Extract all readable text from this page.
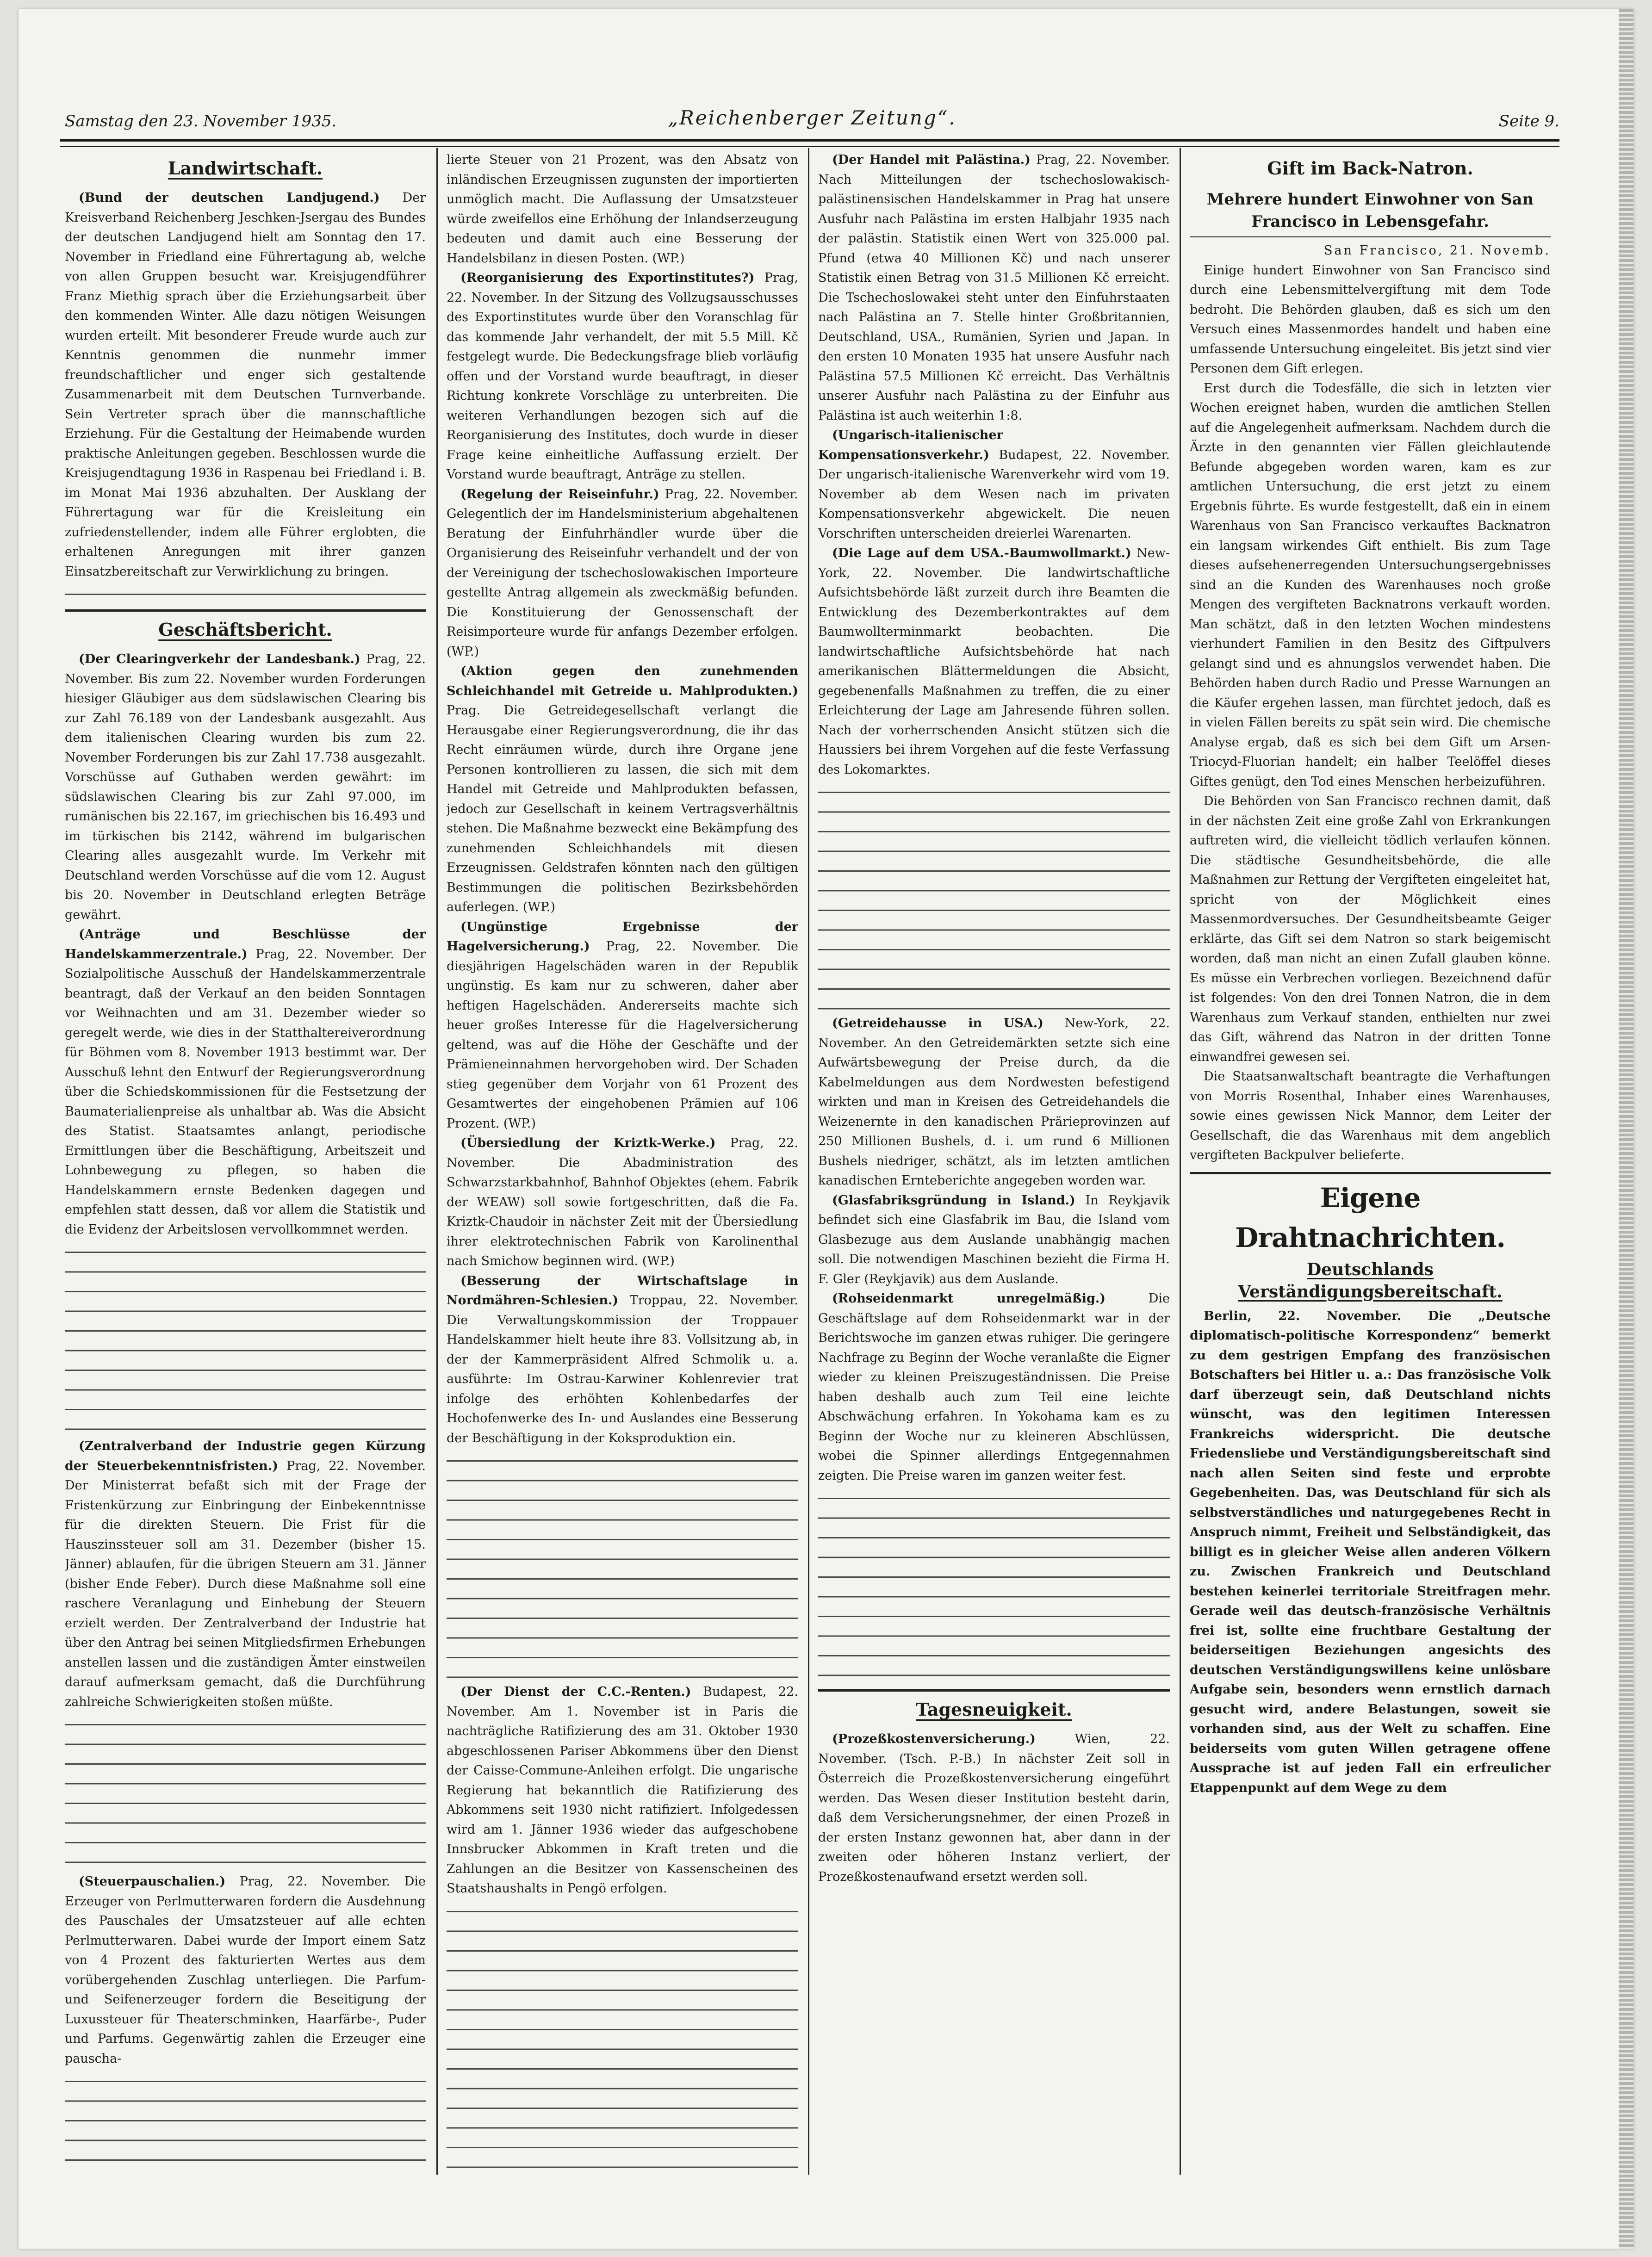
Samstag den 23. November 1935.	„Reichenberger Zeitung“.	Seite 9.
Landwirtschaft.

(Bund der deutschen Landjugend.) Der Kreisverband Reichenberg Jeschken-Jsergau des Bundes der deutschen Landjugend hielt am Sonntag den 17. November in Friedland eine Führertagung ab, welche von allen Gruppen besucht war. Kreisjugendführer Franz Miethig sprach über die Erziehungsarbeit über den kommenden Winter. Alle dazu nötigen Weisungen wurden erteilt. Mit besonderer Freude wurde auch zur Kenntnis genommen die nunmehr immer freundschaftlicher und enger sich gestaltende Zusammenarbeit mit dem Deutschen Turnverbande. Sein Vertreter sprach über die mannschaftliche Erziehung. Für die Gestaltung der Heimabende wurden praktische Anleitungen gegeben. Beschlossen wurde die Kreisjugendtagung 1936 in Raspenau bei Friedland i. B. im Monat Mai 1936 abzuhalten. Der Ausklang der Führertagung war für die Kreisleitung ein zufriedenstellender, indem alle Führer erglobten, die erhaltenen Anregungen mit ihrer ganzen Einsatzbereitschaft zur Verwirklichung zu bringen.

Geschäftsbericht.

(Der Clearingverkehr der Landesbank.) Prag, 22. November. Bis zum 22. November wurden Forderungen hiesiger Gläubiger aus dem südslawischen Clearing bis zur Zahl 76.189 von der Landesbank ausgezahlt. Aus dem italienischen Clearing wurden bis zum 22. November Forderungen bis zur Zahl 17.738 ausgezahlt. Vorschüsse auf Guthaben werden gewährt: im südslawischen Clearing bis zur Zahl 97.000, im rumänischen bis 22.167, im griechischen bis 16.493 und im türkischen bis 2142, während im bulgarischen Clearing alles ausgezahlt wurde. Im Verkehr mit Deutschland werden Vorschüsse auf die vom 12. August bis 20. November in Deutschland erlegten Beträge gewährt.

(Anträge und Beschlüsse der Handelskammerzentrale.) Prag, 22. November. Der Sozialpolitische Ausschuß der Handelskammerzentrale beantragt, daß der Verkauf an den beiden Sonntagen vor Weihnachten und am 31. Dezember wieder so geregelt werde, wie dies in der Statthaltereiverordnung für Böhmen vom 8. November 1913 bestimmt war. Der Ausschuß lehnt den Entwurf der Regierungsverordnung über die Schiedskommissionen für die Festsetzung der Baumaterialienpreise als unhaltbar ab. Was die Absicht des Statist. Staatsamtes anlangt, periodische Ermittlungen über die Beschäftigung, Arbeitszeit und Lohnbewegung zu pflegen, so haben die Handelskammern ernste Bedenken dagegen und empfehlen statt dessen, daß vor allem die Statistik und die Evidenz der Arbeitslosen vervollkommnet werden.

(Zentralverband der Industrie gegen Kürzung der Steuerbekenntnisfristen.) Prag, 22. November. Der Ministerrat befaßt sich mit der Frage der Fristenkürzung zur Einbringung der Einbekenntnisse für die direkten Steuern. Die Frist für die Hauszinssteuer soll am 31. Dezember (bisher 15. Jänner) ablaufen, für die übrigen Steuern am 31. Jänner (bisher Ende Feber). Durch diese Maßnahme soll eine raschere Veranlagung und Einhebung der Steuern erzielt werden. Der Zentralverband der Industrie hat über den Antrag bei seinen Mitgliedsfirmen Erhebungen anstellen lassen und die zuständigen Ämter einstweilen darauf aufmerksam gemacht, daß die Durchführung zahlreiche Schwierigkeiten stoßen müßte.

(Steuerpauschalien.) Prag, 22. November. Die Erzeuger von Perlmutterwaren fordern die Ausdehnung des Pauschales der Umsatzsteuer auf alle echten Perlmutterwaren. Dabei wurde der Import einem Satz von 4 Prozent des fakturierten Wertes aus dem vorübergehenden Zuschlag unterliegen. Die Parfum- und Seifenerzeuger fordern die Beseitigung der Luxussteuer für Theaterschminken, Haarfärbe-, Puder und Parfums. Gegenwärtig zahlen die Erzeuger eine pauscha-

lierte Steuer von 21 Prozent, was den Absatz von inländischen Erzeugnissen zugunsten der importierten unmöglich macht. Die Auflassung der Umsatzsteuer würde zweifellos eine Erhöhung der Inlandserzeugung bedeuten und damit auch eine Besserung der Handelsbilanz in diesen Posten. (WP.)

(Reorganisierung des Exportinstitutes?) Prag, 22. November. In der Sitzung des Vollzugsausschusses des Exportinstitutes wurde über den Voranschlag für das kommende Jahr verhandelt, der mit 5.5 Mill. Kč festgelegt wurde. Die Bedeckungsfrage blieb vorläufig offen und der Vorstand wurde beauftragt, in dieser Richtung konkrete Vorschläge zu unterbreiten. Die weiteren Verhandlungen bezogen sich auf die Reorganisierung des Institutes, doch wurde in dieser Frage keine einheitliche Auffassung erzielt. Der Vorstand wurde beauftragt, Anträge zu stellen.

(Regelung der Reiseinfuhr.) Prag, 22. November. Gelegentlich der im Handelsministerium abgehaltenen Beratung der Einfuhrhändler wurde über die Organisierung des Reiseinfuhr verhandelt und der von der Vereinigung der tschechoslowakischen Importeure gestellte Antrag allgemein als zweckmäßig befunden. Die Konstituierung der Genossenschaft der Reisimporteure wurde für anfangs Dezember erfolgen. (WP.)

(Aktion gegen den zunehmenden Schleichhandel mit Getreide u. Mahlprodukten.) Prag. Die Getreidegesellschaft verlangt die Herausgabe einer Regierungsverordnung, die ihr das Recht einräumen würde, durch ihre Organe jene Personen kontrollieren zu lassen, die sich mit dem Handel mit Getreide und Mahlprodukten befassen, jedoch zur Gesellschaft in keinem Vertragsverhältnis stehen. Die Maßnahme bezweckt eine Bekämpfung des zunehmenden Schleichhandels mit diesen Erzeugnissen. Geldstrafen könnten nach den gültigen Bestimmungen die politischen Bezirksbehörden auferlegen. (WP.)

(Ungünstige Ergebnisse der Hagelversicherung.) Prag, 22. November. Die diesjährigen Hagelschäden waren in der Republik ungünstig. Es kam nur zu schweren, daher aber heftigen Hagelschäden. Andererseits machte sich heuer großes Interesse für die Hagelversicherung geltend, was auf die Höhe der Geschäfte und der Prämieneinnahmen hervorgehoben wird. Der Schaden stieg gegenüber dem Vorjahr von 61 Prozent des Gesamtwertes der eingehobenen Prämien auf 106 Prozent. (WP.)

(Übersiedlung der Kriztk-Werke.) Prag, 22. November. Die Abadministration des Schwarzstarkbahnhof, Bahnhof Objektes (ehem. Fabrik der WEAW) soll sowie fortgeschritten, daß die Fa. Kriztk-Chaudoir in nächster Zeit mit der Übersiedlung ihrer elektrotechnischen Fabrik von Karolinenthal nach Smichow beginnen wird. (WP.)

(Besserung der Wirtschaftslage in Nordmähren-Schlesien.) Troppau, 22. November. Die Verwaltungskommission der Troppauer Handelskammer hielt heute ihre 83. Vollsitzung ab, in der der Kammerpräsident Alfred Schmolik u. a. ausführte: Im Ostrau-Karwiner Kohlenrevier trat infolge des erhöhten Kohlenbedarfes der Hochofenwerke des In- und Auslandes eine Besserung der Beschäftigung in der Koksproduktion ein.

(Der Dienst der C.C.-Renten.) Budapest, 22. November. Am 1. November ist in Paris die nachträgliche Ratifizierung des am 31. Oktober 1930 abgeschlossenen Pariser Abkommens über den Dienst der Caisse-Commune-Anleihen erfolgt. Die ungarische Regierung hat bekanntlich die Ratifizierung des Abkommens seit 1930 nicht ratifiziert. Infolgedessen wird am 1. Jänner 1936 wieder das aufgeschobene Innsbrucker Abkommen in Kraft treten und die Zahlungen an die Besitzer von Kassenscheinen des Staatshaushalts in Pengö erfolgen.

(Der Handel mit Palästina.) Prag, 22. November. Nach Mitteilungen der tschechoslowakisch-palästinensischen Handelskammer in Prag hat unsere Ausfuhr nach Palästina im ersten Halbjahr 1935 nach der palästin. Statistik einen Wert von 325.000 pal. Pfund (etwa 40 Millionen Kč) und nach unserer Statistik einen Betrag von 31.5 Millionen Kč erreicht. Die Tschechoslowakei steht unter den Einfuhrstaaten nach Palästina an 7. Stelle hinter Großbritannien, Deutschland, USA., Rumänien, Syrien und Japan. In den ersten 10 Monaten 1935 hat unsere Ausfuhr nach Palästina 57.5 Millionen Kč erreicht. Das Verhältnis unserer Ausfuhr nach Palästina zu der Einfuhr aus Palästina ist auch weiterhin 1:8.

(Ungarisch-italienischer Kompensationsverkehr.) Budapest, 22. November. Der ungarisch-italienische Warenverkehr wird vom 19. November ab dem Wesen nach im privaten Kompensationsverkehr abgewickelt. Die neuen Vorschriften unterscheiden dreierlei Warenarten.

(Die Lage auf dem USA.-Baumwollmarkt.) New-York, 22. November. Die landwirtschaftliche Aufsichtsbehörde läßt zurzeit durch ihre Beamten die Entwicklung des Dezemberkontraktes auf dem Baumwollterminmarkt beobachten. Die landwirtschaftliche Aufsichtsbehörde hat nach amerikanischen Blättermeldungen die Absicht, gegebenenfalls Maßnahmen zu treffen, die zu einer Erleichterung der Lage am Jahresende führen sollen. Nach der vorherrschenden Ansicht stützen sich die Haussiers bei ihrem Vorgehen auf die feste Verfassung des Lokomarktes.

(Getreidehausse in USA.) New-York, 22. November. An den Getreidemärkten setzte sich eine Aufwärtsbewegung der Preise durch, da die Kabelmeldungen aus dem Nordwesten befestigend wirkten und man in Kreisen des Getreidehandels die Weizenernte in den kanadischen Prärieprovinzen auf 250 Millionen Bushels, d. i. um rund 6 Millionen Bushels niedriger, schätzt, als im letzten amtlichen kanadischen Ernteberichte angegeben worden war.

(Glasfabriksgründung in Island.) In Reykjavik befindet sich eine Glasfabrik im Bau, die Island vom Glasbezuge aus dem Auslande unabhängig machen soll. Die notwendigen Maschinen bezieht die Firma H. F. Gler (Reykjavik) aus dem Auslande.

(Rohseidenmarkt unregelmäßig.)	Die Geschäftslage auf dem Rohseidenmarkt war in der Berichtswoche im ganzen etwas ruhiger. Die geringere Nachfrage zu Beginn der Woche veranlaßte die Eigner wieder zu kleinen Preiszugeständnissen. Die Preise haben deshalb auch zum Teil eine leichte Abschwächung erfahren. In Yokohama kam es zu Beginn der Woche nur zu kleineren Abschlüssen, wobei die Spinner allerdings Entgegennahmen zeigten. Die Preise waren im ganzen weiter fest.

Tagesneuigkeit.

(Prozeßkostenversicherung.)	Wien, 22. November. (Tsch. P.-B.) In nächster Zeit soll in Österreich die Prozeßkostenversicherung eingeführt werden. Das Wesen dieser Institution besteht darin, daß dem Versicherungsnehmer, der einen Prozeß in der ersten Instanz gewonnen hat, aber dann in der zweiten oder höheren Instanz verliert, der Prozeßkostenaufwand ersetzt werden soll.

Gift im Back-Natron.
Mehrere hundert Einwohner von San Francisco in Lebensgefahr.

San Francisco, 21. Novemb.

Einige hundert Einwohner von San Francisco sind durch eine Lebensmittelvergiftung mit dem Tode bedroht. Die Behörden glauben, daß es sich um den Versuch eines Massenmordes handelt und haben eine umfassende Untersuchung eingeleitet. Bis jetzt sind vier Personen dem Gift erlegen.

Erst durch die Todesfälle, die sich in letzten vier Wochen ereignet haben, wurden die amtlichen Stellen auf die Angelegenheit aufmerksam. Nachdem durch die Ärzte in den genannten vier Fällen gleichlautende Befunde abgegeben worden waren, kam es zur amtlichen Untersuchung, die erst jetzt zu einem Ergebnis führte. Es wurde festgestellt, daß ein in einem Warenhaus von San Francisco verkauftes Backnatron ein langsam wirkendes Gift enthielt. Bis zum Tage dieses aufsehenerregenden Untersuchungsergebnisses sind an die Kunden des Warenhauses noch große Mengen des vergifteten Backnatrons verkauft worden. Man schätzt, daß in den letzten Wochen mindestens vierhundert Familien in den Besitz des Giftpulvers gelangt sind und es ahnungslos verwendet haben. Die Behörden haben durch Radio und Presse Warnungen an die Käufer ergehen lassen, man fürchtet jedoch, daß es in vielen Fällen bereits zu spät sein wird. Die chemische Analyse ergab, daß es sich bei dem Gift um Arsen-Triocyd-Fluorian handelt; ein halber Teelöffel dieses Giftes genügt, den Tod eines Menschen herbeizuführen.

Die Behörden von San Francisco rechnen damit, daß in der nächsten Zeit eine große Zahl von Erkrankungen auftreten wird, die vielleicht tödlich verlaufen können. Die städtische Gesundheitsbehörde, die alle Maßnahmen zur Rettung der Vergifteten eingeleitet hat, spricht von der Möglichkeit eines Massenmordversuches. Der Gesundheitsbeamte Geiger erklärte, das Gift sei dem Natron so stark beigemischt worden, daß man nicht an einen Zufall glauben könne. Es müsse ein Verbrechen vorliegen. Bezeichnend dafür ist folgendes: Von den drei Tonnen Natron, die in dem Warenhaus zum Verkauf standen, enthielten nur zwei das Gift, während das Natron in der dritten Tonne einwandfrei gewesen sei.

Die Staatsanwaltschaft beantragte die Verhaftungen von Morris Rosenthal, Inhaber eines Warenhauses, sowie eines gewissen Nick Mannor, dem Leiter der Gesellschaft, die das Warenhaus mit dem angeblich vergifteten Backpulver belieferte.

Eigene Drahtnachrichten.
Deutschlands Verständigungsbereitschaft.

Berlin, 22. November. Die „Deutsche diplomatisch-politische Korrespondenz“ bemerkt zu dem gestrigen Empfang des französischen Botschafters bei Hitler u. a.: Das französische Volk darf überzeugt sein, daß Deutschland nichts wünscht, was den legitimen Interessen Frankreichs widerspricht. Die deutsche Friedensliebe und Verständigungsbereitschaft sind nach allen Seiten sind feste und erprobte Gegebenheiten. Das, was Deutschland für sich als selbstverständliches und naturgegebenes Recht in Anspruch nimmt, Freiheit und Selbständigkeit, das billigt es in gleicher Weise allen anderen Völkern zu. Zwischen Frankreich und Deutschland bestehen keinerlei territoriale Streitfragen mehr. Gerade weil das deutsch-französische Verhältnis frei ist, sollte eine fruchtbare Gestaltung der beiderseitigen Beziehungen angesichts des deutschen Verständigungswillens keine unlösbare Aufgabe sein, besonders wenn ernstlich darnach gesucht wird, andere Belastungen, soweit sie vorhanden sind, aus der Welt zu schaffen. Eine beiderseits vom guten Willen getragene offene Aussprache ist auf jeden Fall ein erfreulicher Etappenpunkt auf dem Wege zu dem
